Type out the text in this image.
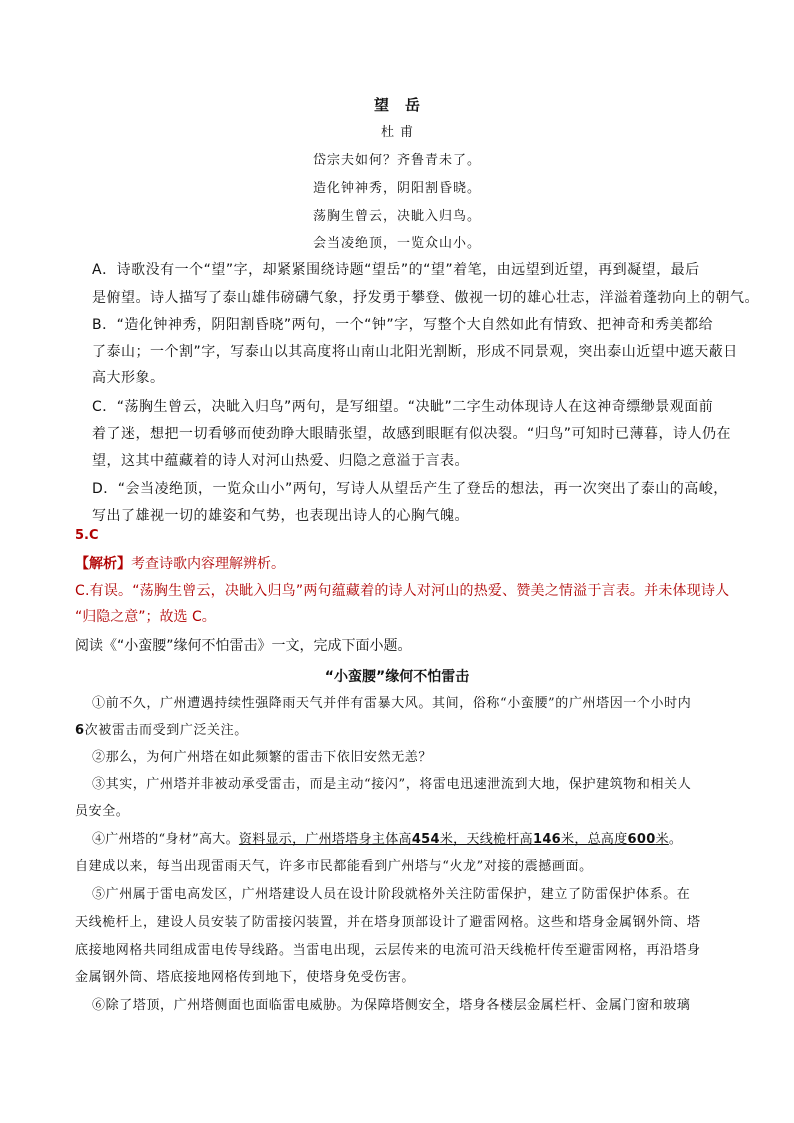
望岳
杜甫
岱宗夫如何？齐鲁青未了。
造化钟神秀，阴阳割昏晓。
荡胸生曾云，决眦入归鸟。
会当凌绝顶，一览众山小。
A．诗歌没有一个“望”字，却紧紧围绕诗题“望岳”的“望”着笔，由远望到近望，再到凝望，最后
是俯望。诗人描写了泰山雄伟磅礴气象，抒发勇于攀登、傲视一切的雄心壮志，洋溢着蓬勃向上的朝气。
B．“造化钟神秀，阴阳割昏晓”两句，一个“钟”字，写整个大自然如此有情致、把神奇和秀美都给
了泰山；一个割”字，写泰山以其高度将山南山北阳光割断，形成不同景观，突出泰山近望中遮天蔽日
高大形象。
C．“荡胸生曾云，决眦入归鸟”两句，是写细望。“决眦”二字生动体现诗人在这神奇缥缈景观面前
着了迷，想把一切看够而使劲睁大眼睛张望，故感到眼眶有似决裂。“归鸟”可知时已薄暮，诗人仍在
望，这其中蕴藏着的诗人对河山热爱、归隐之意溢于言表。
D．“会当凌绝顶，一览众山小”两句，写诗人从望岳产生了登岳的想法，再一次突出了泰山的高峻，
写出了雄视一切的雄姿和气势，也表现出诗人的心胸气魄。
5.C
【解析】考查诗歌内容理解辨析。
C.有误。“荡胸生曾云，决眦入归鸟”两句蕴藏着的诗人对河山的热爱、赞美之情溢于言表。并未体现诗人
“归隐之意”；故选 C。
阅读《“小蛮腰”缘何不怕雷击》一文，完成下面小题。
“小蛮腰”缘何不怕雷击
①前不久，广州遭遇持续性强降雨天气并伴有雷暴大风。其间，俗称“小蛮腰”的广州塔因一个小时内
6次被雷击而受到广泛关注。
②那么，为何广州塔在如此频繁的雷击下依旧安然无恙？
③其实，广州塔并非被动承受雷击，而是主动“接闪”，将雷电迅速泄流到大地，保护建筑物和相关人
员安全。
④广州塔的“身材”高大。资料显示，广州塔塔身主体高454米，天线桅杆高146米，总高度600米。
自建成以来，每当出现雷雨天气，许多市民都能看到广州塔与“火龙”对接的震撼画面。
⑤广州属于雷电高发区，广州塔建设人员在设计阶段就格外关注防雷保护，建立了防雷保护体系。在
天线桅杆上，建设人员安装了防雷接闪装置，并在塔身顶部设计了避雷网格。这些和塔身金属钢外筒、塔
底接地网格共同组成雷电传导线路。当雷电出现，云层传来的电流可沿天线桅杆传至避雷网格，再沿塔身
金属钢外筒、塔底接地网格传到地下，使塔身免受伤害。
⑥除了塔顶，广州塔侧面也面临雷电威胁。为保障塔侧安全，塔身各楼层金属栏杆、金属门窗和玻璃
